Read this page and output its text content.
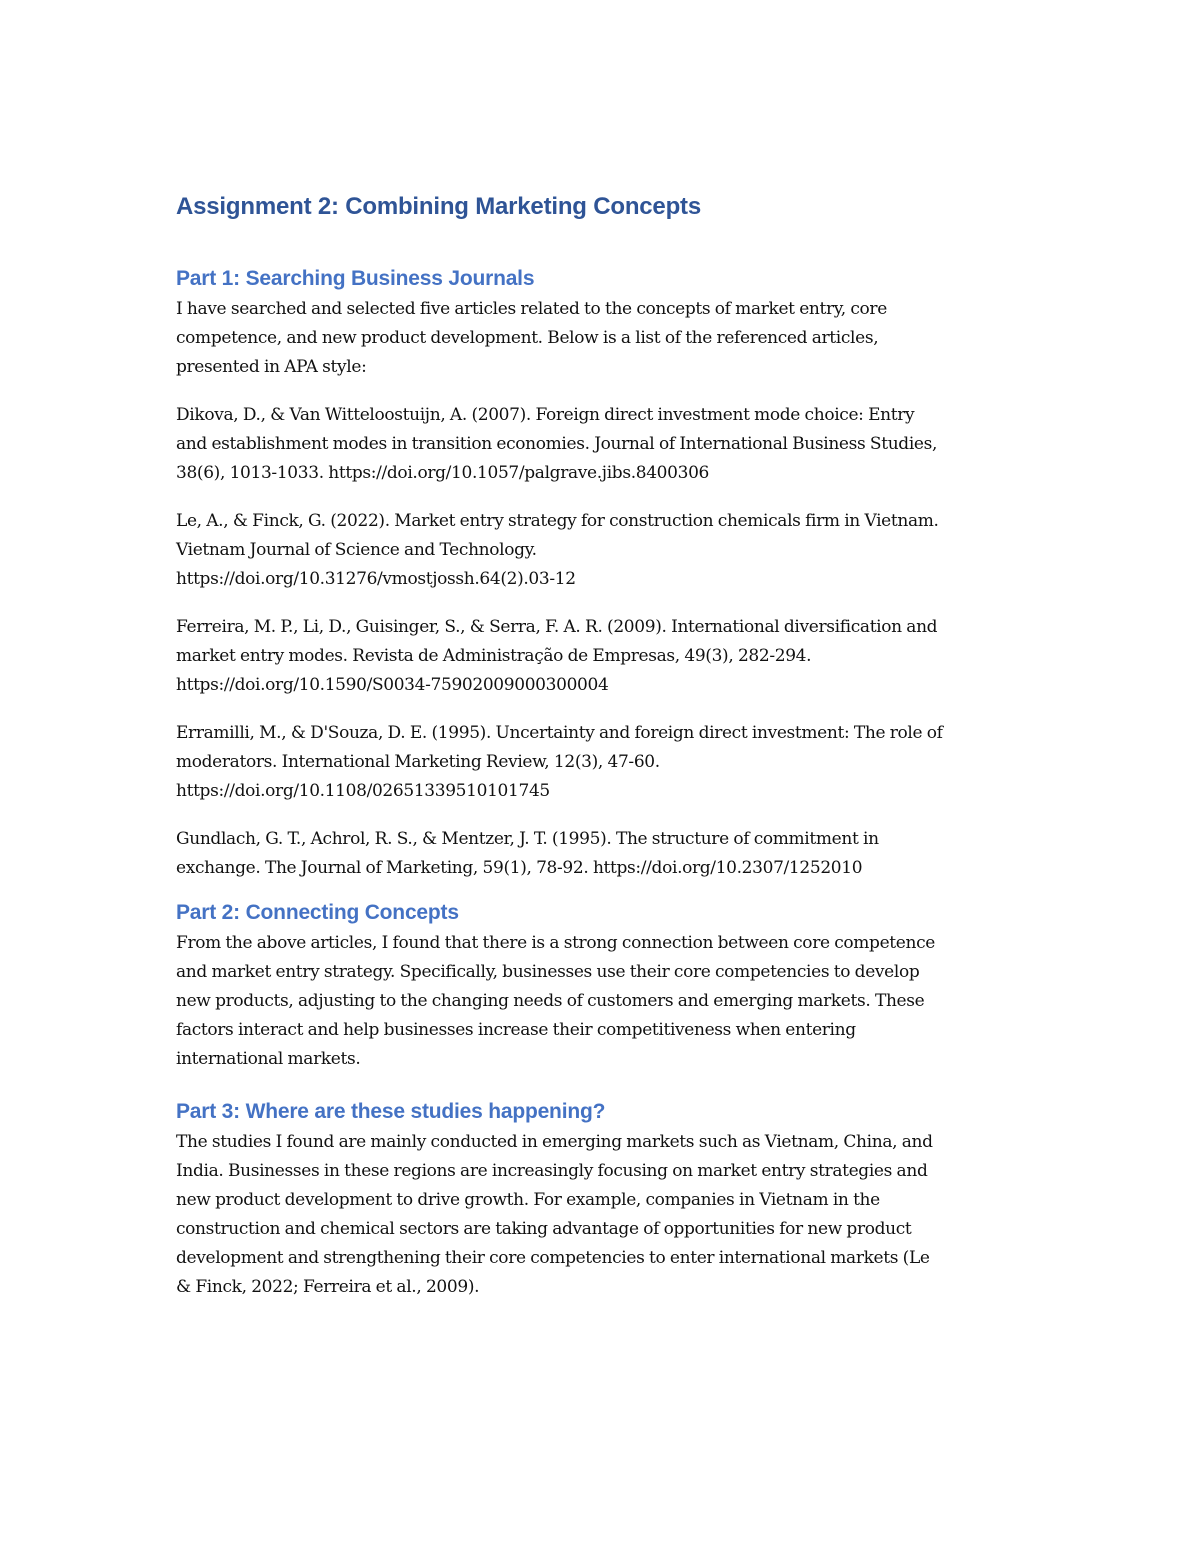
Assignment 2: Combining Marketing Concepts
Part 1: Searching Business Journals

I have searched and selected five articles related to the concepts of market entry, core
competence, and new product development. Below is a list of the referenced articles,
presented in APA style:

Dikova, D., & Van Witteloostuijn, A. (2007). Foreign direct investment mode choice: Entry
and establishment modes in transition economies. Journal of International Business Studies,
38(6), 1013-1033. https://doi.org/10.1057/palgrave.jibs.8400306

Le, A., & Finck, G. (2022). Market entry strategy for construction chemicals firm in Vietnam.
Vietnam Journal of Science and Technology.
https://doi.org/10.31276/vmostjossh.64(2).03-12

Ferreira, M. P., Li, D., Guisinger, S., & Serra, F. A. R. (2009). International diversification and
market entry modes. Revista de Administração de Empresas, 49(3), 282-294.
https://doi.org/10.1590/S0034-75902009000300004

Erramilli, M., & D'Souza, D. E. (1995). Uncertainty and foreign direct investment: The role of
moderators. International Marketing Review, 12(3), 47-60.
https://doi.org/10.1108/02651339510101745

Gundlach, G. T., Achrol, R. S., & Mentzer, J. T. (1995). The structure of commitment in
exchange. The Journal of Marketing, 59(1), 78-92. https://doi.org/10.2307/1252010

Part 2: Connecting Concepts

From the above articles, I found that there is a strong connection between core competence
and market entry strategy. Specifically, businesses use their core competencies to develop
new products, adjusting to the changing needs of customers and emerging markets. These
factors interact and help businesses increase their competitiveness when entering
international markets.

Part 3: Where are these studies happening?

The studies I found are mainly conducted in emerging markets such as Vietnam, China, and
India. Businesses in these regions are increasingly focusing on market entry strategies and
new product development to drive growth. For example, companies in Vietnam in the
construction and chemical sectors are taking advantage of opportunities for new product
development and strengthening their core competencies to enter international markets (Le
& Finck, 2022; Ferreira et al., 2009).
